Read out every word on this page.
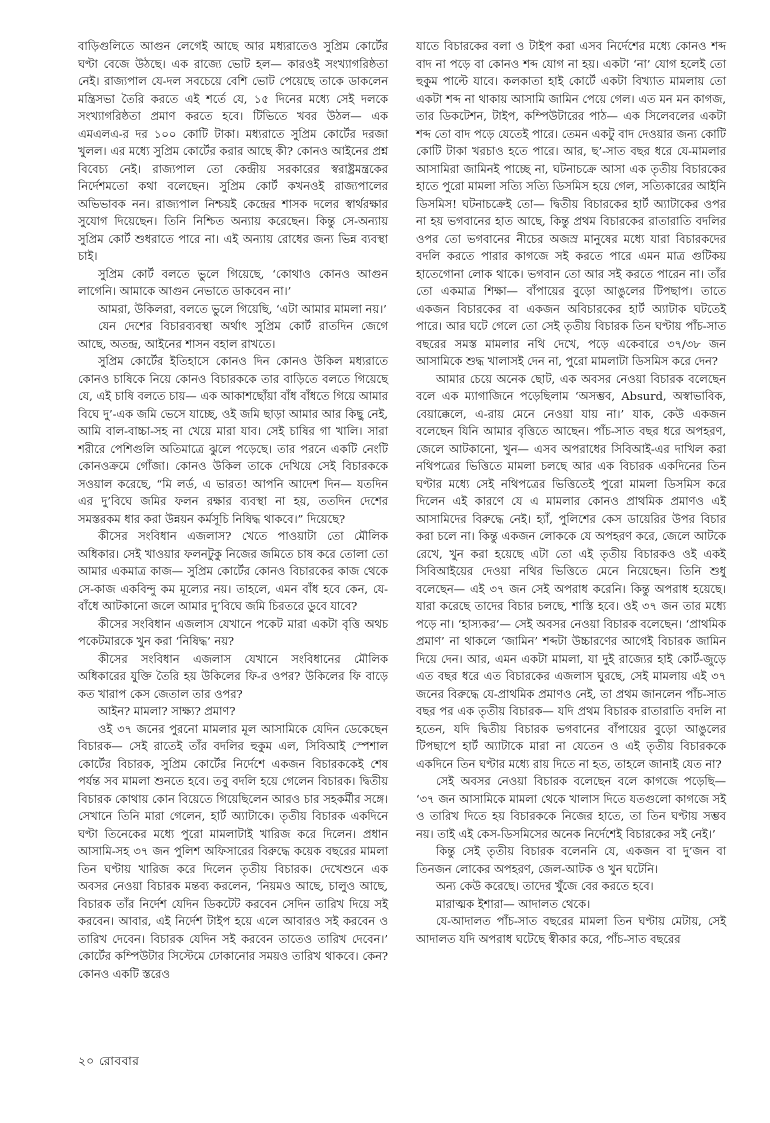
বাড়িগুলিতে আগুন লেগেই আছে আর মধ্যরাতেও সুপ্রিম কোর্টের ঘণ্টা বেজে উঠছে। এক রাজ্যে ভোট হল— কারওই সংখ্যাগরিষ্ঠতা নেই। রাজ্যপাল যে-দল সবচেয়ে বেশি ভোট পেয়েছে তাকে ডাকলেন মন্ত্রিসভা তৈরি করতে এই শর্তে যে, ১৫ দিনের মধ্যে সেই দলকে সংখ্যাগরিষ্ঠতা প্রমাণ করতে হবে। টিভিতে খবর উঠল— এক এমএলএ-র দর ১০০ কোটি টাকা। মধ্যরাতে সুপ্রিম কোর্টের দরজা খুলল। এর মধ্যে সুপ্রিম কোর্টের করার আছে কী? কোনও আইনের প্রশ্ন বিবেচ্য নেই। রাজ্যপাল তো কেন্দ্রীয় সরকারের স্বরাষ্ট্রমন্ত্রকের নির্দেশমতো কথা বলেছেন। সুপ্রিম কোর্ট কখনওই রাজ্যপালের অভিভাবক নন। রাজ্যপাল নিশ্চয়ই কেন্দ্রের শাসক দলের স্বার্থরক্ষার সুযোগ দিয়েছেন। তিনি নিশ্চিত অন্যায় করেছেন। কিন্তু সে-অন্যায় সুপ্রিম কোর্ট শুধরাতে পারে না। এই অন্যায় রোধের জন্য ভিন্ন ব্যবস্থা চাই।

সুপ্রিম কোর্ট বলতে ভুলে গিয়েছে, ‘কোথাও কোনও আগুন লাগেনি। আমাকে আগুন নেভাতে ডাকবেন না।’

আমরা, উকিলরা, বলতে ভুলে গিয়েছি, ‘এটা আমার মামলা নয়।’

যেন দেশের বিচারব্যবস্থা অর্থাৎ সুপ্রিম কোর্ট রাতদিন জেগে আছে, অতন্দ্র, আইনের শাসন বহাল রাখতে।

সুপ্রিম কোর্টের ইতিহাসে কোনও দিন কোনও উকিল মধ্যরাতে কোনও চাষিকে নিয়ে কোনও বিচারককে তার বাড়িতে বলতে গিয়েছে যে, এই চাষি বলতে চায়— এক আকাশছোঁয়া বাঁধ বাঁধতে গিয়ে আমার বিঘে দু’-এক জমি ভেসে যাচ্ছে, ওই জমি ছাড়া আমার আর কিছু নেই, আমি বাল-বাচ্চা-সহ না খেয়ে মারা যাব। সেই চাষির গা খালি। সারা শরীরে পেশিগুলি অতিমাত্রে ঝুলে পড়েছে। তার পরনে একটি নেংটি কোনওক্রমে গোঁজা। কোনও উকিল তাকে দেখিয়ে সেই বিচারককে সওয়াল করেছে, “মি লর্ড, এ ভারত! আপনি আদেশ দিন— যতদিন এর দু’বিঘে জমির ফলন রক্ষার ব্যবস্থা না হয়, ততদিন দেশের সমস্তরকম ধার করা উন্নয়ন কর্মসূচি নিষিদ্ধ থাকবে।” দিয়েছে?

কীসের সংবিধান এজলাস? খেতে পাওয়াটা তো মৌলিক অধিকার। সেই খাওয়ার ফলনটুকু নিজের জমিতে চাষ করে তোলা তো আমার একমাত্র কাজ— সুপ্রিম কোর্টের কোনও বিচারকের কাজ থেকে সে-কাজ একবিন্দু কম মূল্যের নয়। তাহলে, এমন বাঁধ হবে কেন, যে-বাঁধে আটকানো জলে আমার দু’বিঘে জমি চিরতরে ডুবে যাবে?

কীসের সংবিধান এজলাস যেখানে পকেট মারা একটা বৃত্তি অথচ পকেটমারকে খুন করা ‘নিষিদ্ধ’ নয়?

কীসের সংবিধান এজলাস যেখানে সংবিধানের মৌলিক অধিকারের যুক্তি তৈরি হয় উকিলের ফি-র ওপর? উকিলের ফি বাড়ে কত খারাপ কেস জেতাল তার ওপর?

আইন? মামলা? সাক্ষ্য? প্রমাণ?

ওই ৩৭ জনের পুরনো মামলার মূল আসামিকে যেদিন ডেকেছেন বিচারক— সেই রাতেই তাঁর বদলির হুকুম এল, সিবিআই স্পেশাল কোর্টের বিচারক, সুপ্রিম কোর্টের নির্দেশে একজন বিচারককেই শেষ পর্যন্ত সব মামলা শুনতে হবে। তবু বদলি হয়ে গেলেন বিচারক। দ্বিতীয় বিচারক কোথায় কোন বিয়েতে গিয়েছিলেন আরও চার সহকর্মীর সঙ্গে। সেখানে তিনি মারা গেলেন, হার্ট অ্যাটাকে। তৃতীয় বিচারক একদিনে ঘণ্টা তিনেকের মধ্যে পুরো মামলাটাই খারিজ করে দিলেন। প্রধান আসামি-সহ ৩৭ জন পুলিশ অফিসারের বিরুদ্ধে কয়েক বছরের মামলা তিন ঘণ্টায় খারিজ করে দিলেন তৃতীয় বিচারক। দেখেশুনে এক অবসর নেওয়া বিচারক মন্তব্য করলেন, ‘নিয়মও আছে, চালুও আছে, বিচারক তাঁর নির্দেশ যেদিন ডিকটেট করবেন সেদিন তারিখ দিয়ে সই করবেন। আবার, এই নির্দেশ টাইপ হয়ে এলে আবারও সই করবেন ও তারিখ দেবেন। বিচারক যেদিন সই করবেন তাতেও তারিখ দেবেন।’ কোর্টের কম্পিউটার সিস্টেমে ঢোকানোর সময়ও তারিখ থাকবে। কেন? কোনও একটি স্তরেও

যাতে বিচারকের বলা ও টাইপ করা এসব নির্দেশের মধ্যে কোনও শব্দ বাদ না পড়ে বা কোনও শব্দ যোগ না হয়। একটা ‘না’ যোগ হলেই তো হুকুম পাল্টে যাবে। কলকাতা হাই কোর্টে একটা বিখ্যাত মামলায় তো একটা শব্দ না থাকায় আসামি জামিন পেয়ে গেল। এত মন মন কাগজ, তার ডিকটেশন, টাইপ, কম্পিউটারের পাঠ— এক সিলেবলের একটা শব্দ তো বাদ পড়ে যেতেই পারে। তেমন একটু বাদ দেওয়ার জন্য কোটি কোটি টাকা খরচাও হতে পারে। আর, ছ’-সাত বছর ধরে যে-মামলার আসামিরা জামিনই পাচ্ছে না, ঘটনাচক্রে আসা এক তৃতীয় বিচারকের হাতে পুরো মামলা সত্যি সত্যি ডিসমিস হয়ে গেল, সত্যিকারের আইনি ডিসমিস! ঘটনাচক্রেই তো— দ্বিতীয় বিচারকের হার্ট অ্যাটাকের ওপর না হয় ভগবানের হাত আছে, কিন্তু প্রথম বিচারকের রাতারাতি বদলির ওপর তো ভগবানের নীচের অজস্র মানুষের মধ্যে যারা বিচারকদের বদলি করতে পারার কাগজে সই করতে পারে এমন মাত্র গুটিকয় হাতেগোনা লোক থাকে। ভগবান তো আর সই করতে পারেন না। তাঁর তো একমাত্র শিক্ষা— বাঁপায়ের বুড়ো আঙুলের টিপছাপ। তাতে একজন বিচারকের বা একজন অবিচারকের হার্ট অ্যাটাক ঘটতেই পারে। আর ঘটে গেলে তো সেই তৃতীয় বিচারক তিন ঘণ্টায় পাঁচ-সাত বছরের সমস্ত মামলার নথি দেখে, পড়ে একেবারে ৩৭/৩৮ জন আসামিকে শুদ্ধ খালাসই দেন না, পুরো মামলাটা ডিসমিস করে দেন?

আমার চেয়ে অনেক ছোট, এক অবসর নেওয়া বিচারক বলেছেন বলে এক ম্যাগাজিনে পড়েছিলাম ‘অসম্ভব, Absurd, অস্বাভাবিক, বেয়াক্কেলে, এ-রায় মেনে নেওয়া যায় না।’ যাক, কেউ একজন বলেছেন যিনি আমার বৃত্তিতে আছেন। পাঁচ-সাত বছর ধরে অপহরণ, জেলে আটকানো, খুন— এসব অপরাধের সিবিআই-এর দাখিল করা নথিপত্রের ভিত্তিতে মামলা চলছে আর এক বিচারক একদিনের তিন ঘণ্টার মধ্যে সেই নথিপত্রের ভিত্তিতেই পুরো মামলা ডিসমিস করে দিলেন এই কারণে যে এ মামলার কোনও প্রাথমিক প্রমাণও এই আসামিদের বিরুদ্ধে নেই। হ্যাঁ, পুলিশের কেস ডায়েরির উপর বিচার করা চলে না। কিন্তু একজন লোককে যে অপহরণ করে, জেলে আটকে রেখে, খুন করা হয়েছে এটা তো এই তৃতীয় বিচারকও ওই একই সিবিআইয়ের দেওয়া নথির ভিত্তিতে মেনে নিয়েছেন। তিনি শুধু বলেছেন— এই ৩৭ জন সেই অপরাধ করেনি। কিন্তু অপরাধ হয়েছে। যারা করেছে তাদের বিচার চলছে, শাস্তি হবে। ওই ৩৭ জন তার মধ্যে পড়ে না। ‘হাস্যকর’— সেই অবসর নেওয়া বিচারক বলেছেন। ‘প্রাথমিক প্রমাণ’ না থাকলে ‘জামিন’ শব্দটা উচ্চারণের আগেই বিচারক জামিন দিয়ে দেন। আর, এমন একটা মামলা, যা দুই রাজ্যের হাই কোর্ট-জুড়ে এত বছর ধরে এত বিচারকের এজলাস ঘুরছে, সেই মামলায় এই ৩৭ জনের বিরুদ্ধে যে-প্রাথমিক প্রমাণও নেই, তা প্রথম জানলেন পাঁচ-সাত বছর পর এক তৃতীয় বিচারক— যদি প্রথম বিচারক রাতারাতি বদলি না হতেন, যদি দ্বিতীয় বিচারক ভগবানের বাঁপায়ের বুড়ো আঙুলের টিপছাপে হার্ট অ্যাটাকে মারা না যেতেন ও এই তৃতীয় বিচারককে একদিনে তিন ঘণ্টার মধ্যে রায় দিতে না হত, তাহলে জানাই যেত না?

সেই অবসর নেওয়া বিচারক বলেছেন বলে কাগজে পড়েছি— ‘৩৭ জন আসামিকে মামলা থেকে খালাস দিতে যতগুলো কাগজে সই ও তারিখ দিতে হয় বিচারককে নিজের হাতে, তা তিন ঘণ্টায় সম্ভব নয়। তাই এই কেস-ডিসমিসের অনেক নির্দেশেই বিচারকের সই নেই।’

কিন্তু সেই তৃতীয় বিচারক বলেননি যে, একজন বা দু’জন বা তিনজন লোকের অপহরণ, জেল-আটক ও খুন ঘটেনি।

অন্য কেউ করেছে। তাদের খুঁজে বের করতে হবে।

মারাত্মক ইশারা— আদালত থেকে।

যে-আদালত পাঁচ-সাত বছরের মামলা তিন ঘণ্টায় মেটায়, সেই আদালত যদি অপরাধ ঘটেছে স্বীকার করে, পাঁচ-সাত বছরের

২০ রোববার
